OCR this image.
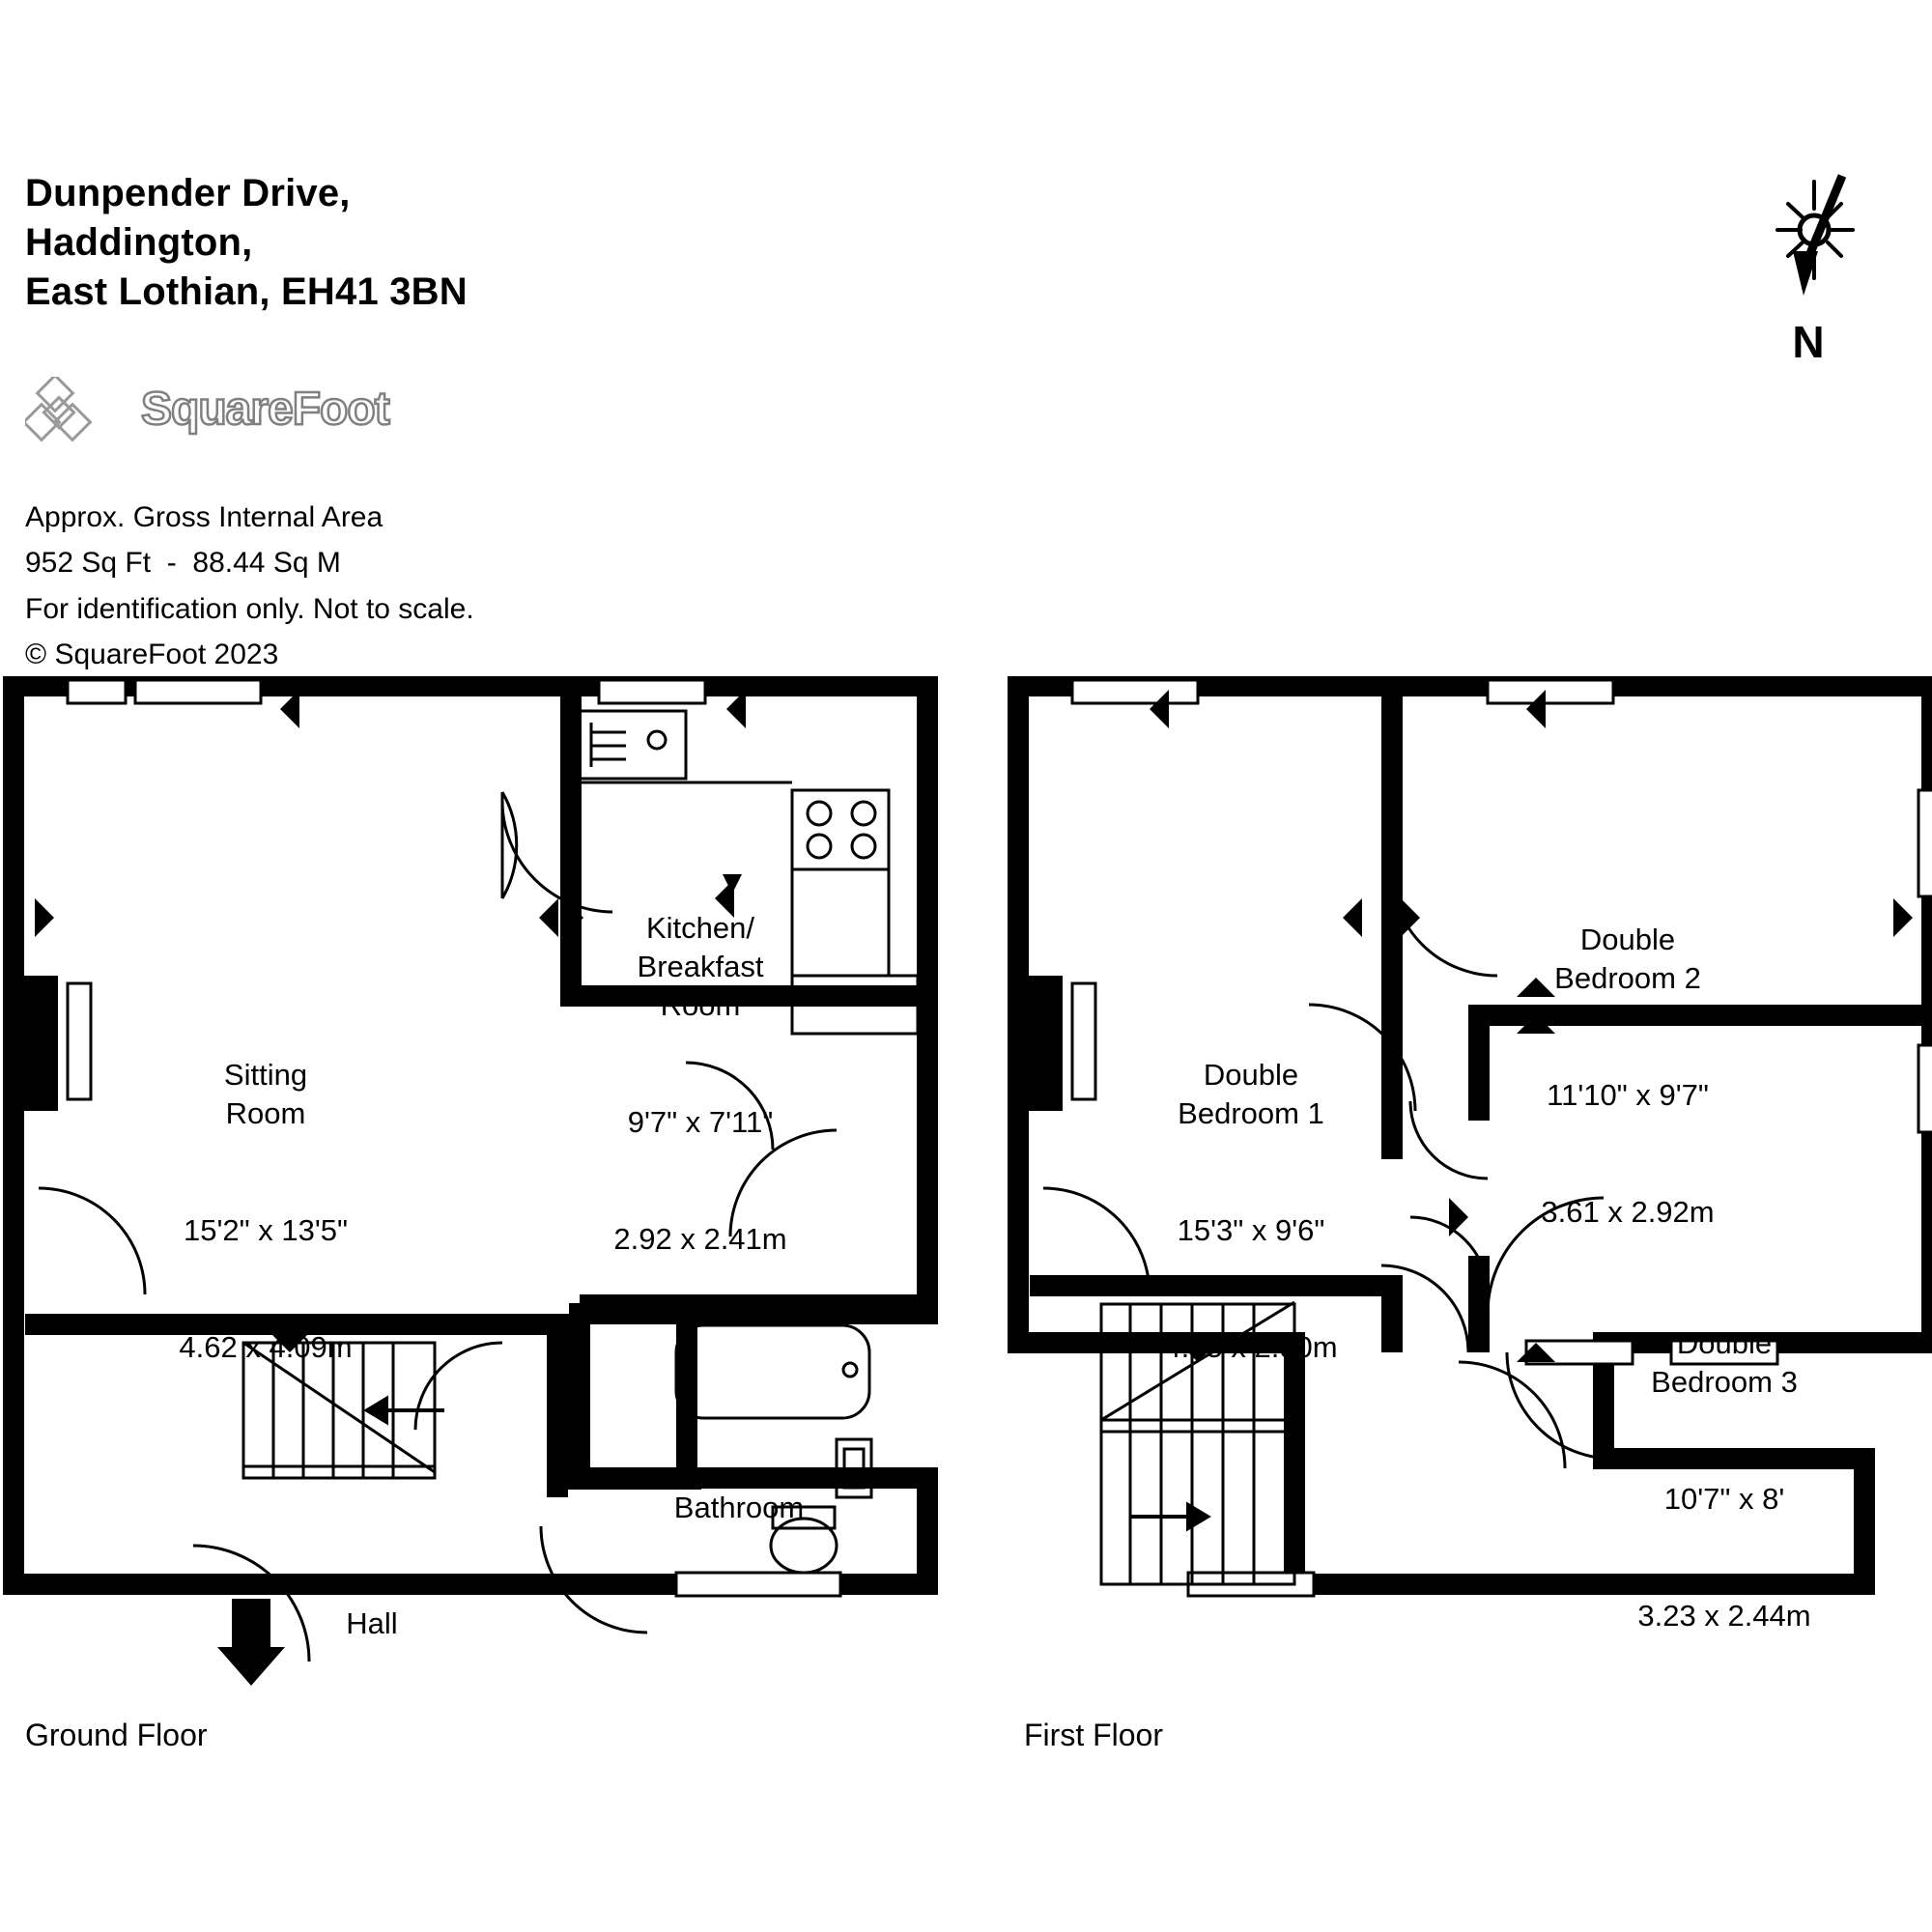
Dunpender Drive,
Haddington,
East Lothian, EH41 3BN
SquareFoot
Approx. Gross Internal Area
952 Sq Ft  -  88.44 Sq M
For identification only. Not to scale.
© SquareFoot 2023
N

Sitting
Room

15'2" x 13'5"

4.62 x 4.09m

Kitchen/
Breakfast
Room

9'7" x 7'11"

2.92 x 2.41m

Bathroom

Hall

Double
Bedroom 1

15'3" x 9'6"

4.65 x 2.90m

Double
Bedroom 2

11'10" x 9'7"

3.61 x 2.92m

Double
Bedroom 3

10'7" x 8'

3.23 x 2.44m

Ground Floor	First Floor
